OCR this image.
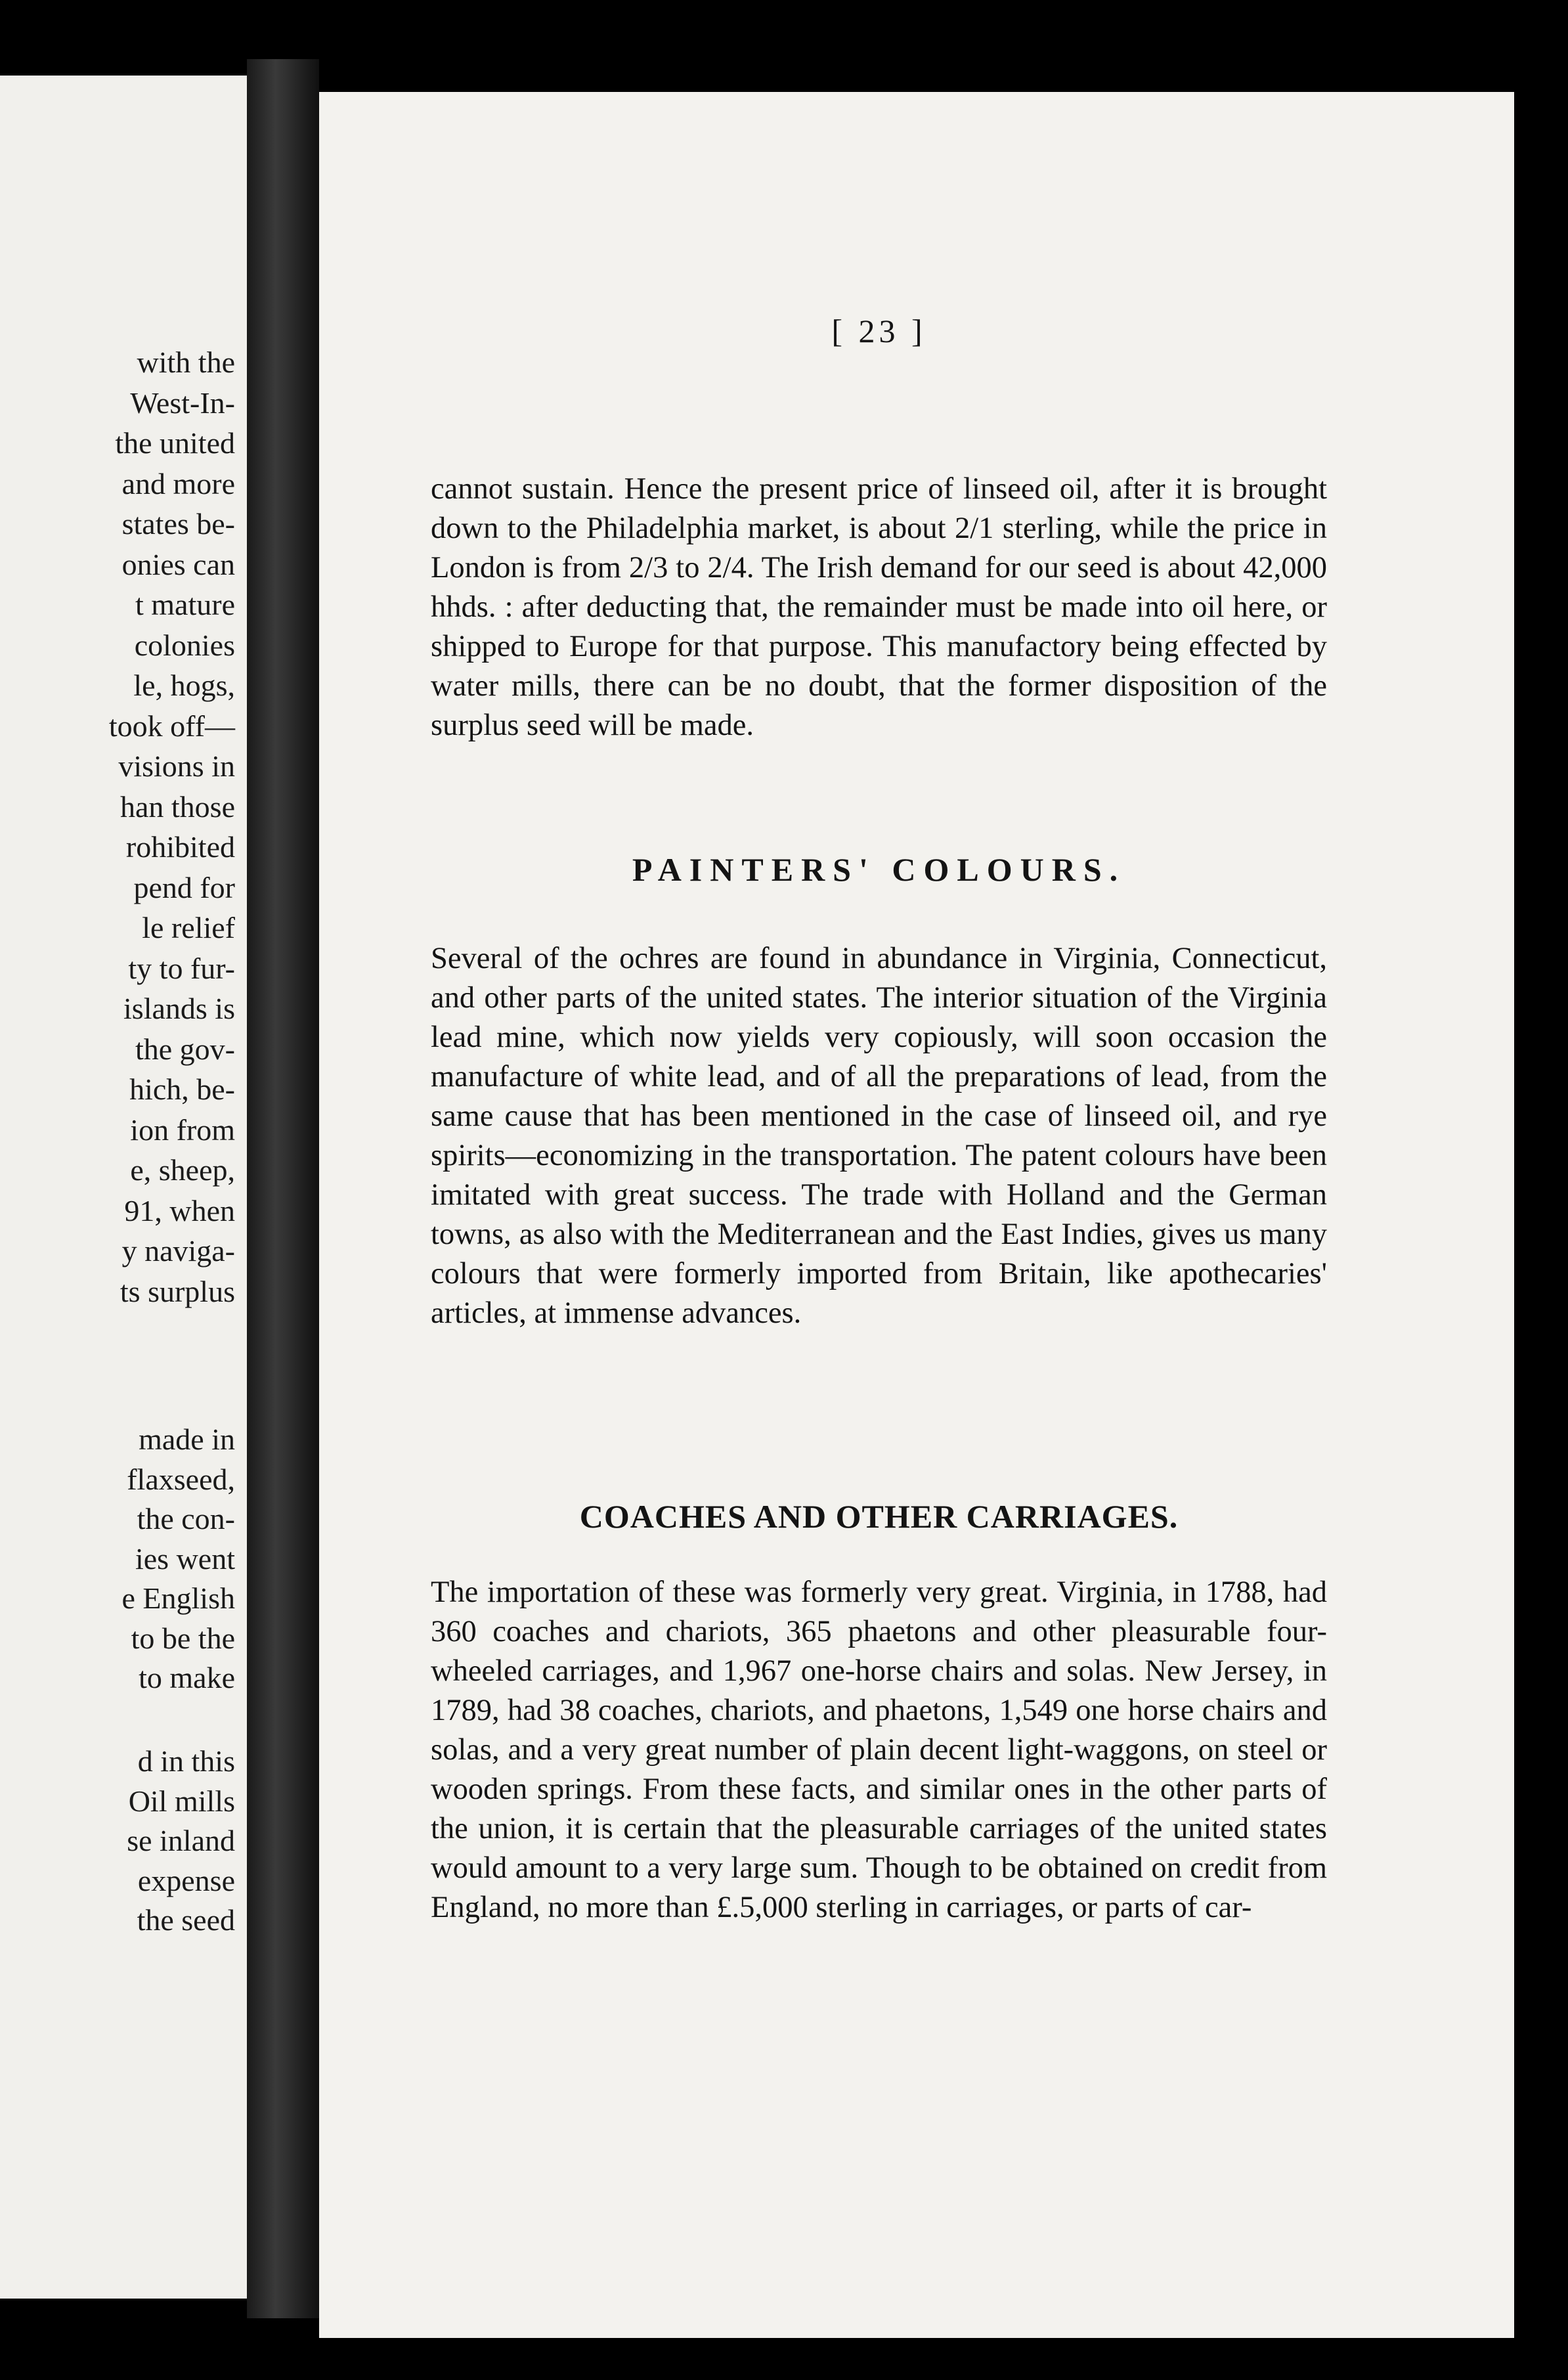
with the
West-In-
the united
and more
states be-
onies can
t mature
colonies
le, hogs,
took off—
visions in
han those
rohibited
pend for
le relief
ty to fur-
islands is
the gov-
hich, be-
ion from
e, sheep,
91, when
y naviga-
ts surplus
made in
flaxseed,
the con-
ies went
e English
to be the
to make
d in this
Oil mills
se inland
expense
the seed
[ 23 ]

cannot sustain. Hence the present price of linseed oil, after it is brought down to the Philadelphia market, is about 2/1 sterling, while the price in London is from 2/3 to 2/4. The Irish demand for our seed is about 42,000 hhds. : after deducting that, the remainder must be made into oil here, or shipped to Europe for that purpose. This manufactory being effected by water mills, there can be no doubt, that the former disposition of the surplus seed will be made.

PAINTERS' COLOURS.

Several of the ochres are found in abundance in Virginia, Connecticut, and other parts of the united states. The interior situation of the Virginia lead mine, which now yields very copiously, will soon occasion the manufacture of white lead, and of all the preparations of lead, from the same cause that has been mentioned in the case of linseed oil, and rye spirits—economizing in the transportation. The patent colours have been imitated with great success. The trade with Holland and the German towns, as also with the Mediterranean and the East Indies, gives us many colours that were formerly imported from Britain, like apothecaries' articles, at immense advances.

COACHES AND OTHER CARRIAGES.

The importation of these was formerly very great. Virginia, in 1788, had 360 coaches and chariots, 365 phaetons and other pleasurable four-wheeled carriages, and 1,967 one-horse chairs and solas. New Jersey, in 1789, had 38 coaches, chariots, and phaetons, 1,549 one horse chairs and solas, and a very great number of plain decent light-waggons, on steel or wooden springs. From these facts, and similar ones in the other parts of the union, it is certain that the pleasurable carriages of the united states would amount to a very large sum. Though to be obtained on credit from England, no more than £.5,000 sterling in carriages, or parts of car-
